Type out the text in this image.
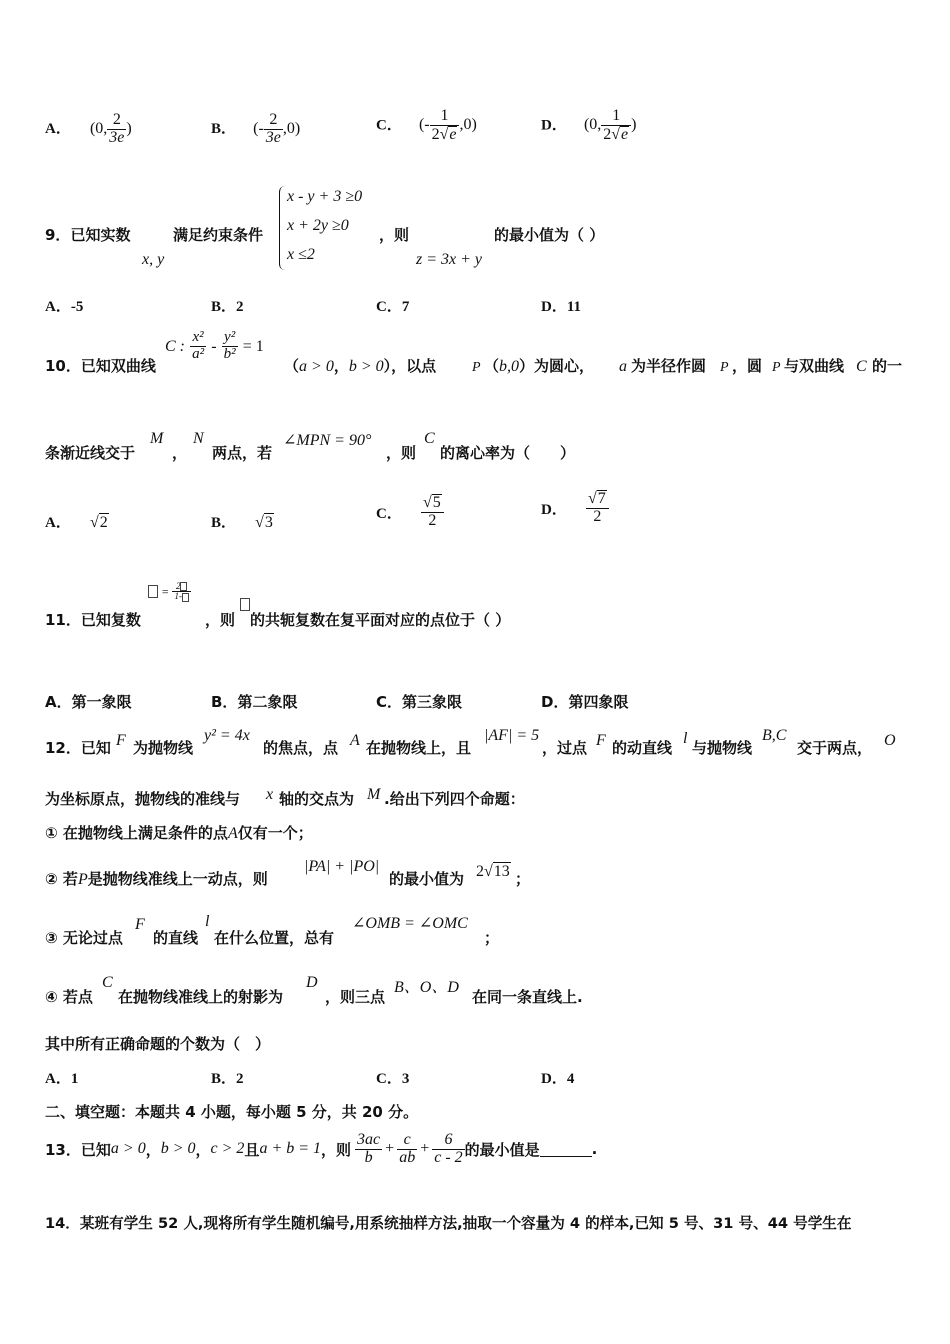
A． (0, $\frac{2}{3e}$ )	B． (- $\frac{2}{3e} ,0$)	C． (- $\frac{1}{2√e} ,0$)	D． (0, $\frac{1}{2√e}$ )
9．已知实数
x, y
满足约束条件
x - y + 3 ≥0
x + 2y ≥0
x ≤2
，则
z = 3x + y
的最小值为（ ）
A．-5	B．2	C．7	D．11
10．已知双曲线
C : $\frac{\text{x²}}{\text{a²}} - \frac{\text{y²}}{\text{b²}} = 1$
（a > 0，b > 0），以点	P （b,0）为圆心， a 为半径作圆 P ，圆 P 与双曲线 C 的一
条渐近线交于
M
，
N
两点，若
∠MPN = 90°
，则
C
的离心率为（　　）
A． √2	B． √3	C． $\frac{√5}{2}$	D． $\frac{√7}{2}$
= $\frac{2}{1-}$
11．已知复数	，则 的共轭复数在复平面对应的点位于（ ）
A．第一象限	B．第二象限	C．第三象限	D．第四象限
12．已知 F 为抛物线
y² = 4x
的焦点，点 A 在抛物线上，且
|AF| = 5
，过点 F 的动直线
l
与抛物线
B,C
交于两点， O
为坐标原点，抛物线的准线与 x 轴的交点为 M .给出下列四个命题：
① 在抛物线上满足条件的点A仅有一个；
② 若P是抛物线准线上一动点，则
|PA| + |PO|
的最小值为 2√13 ；
③ 无论过点
F
的直线
l
在什么位置，总有
∠OMB = ∠OMC
；
④ 若点
C
在抛物线准线上的射影为
D
，则三点
B、O、D
在同一条直线上.
其中所有正确命题的个数为（　）
A．1	B．2	C．3	D．4
二、填空题：本题共 4 小题，每小题 5 分，共 20 分。
13． 已知 a > 0 ， b > 0 ， c > 2 且 a + b = 1 ，则 $\frac{3ac}{b} + \frac{c}{ab} + \frac{6}{c - 2}$ 的最小值是	.
14．某班有学生 52 人,现将所有学生随机编号,用系统抽样方法,抽取一个容量为 4 的样本,已知 5 号、31 号、44 号学生在
